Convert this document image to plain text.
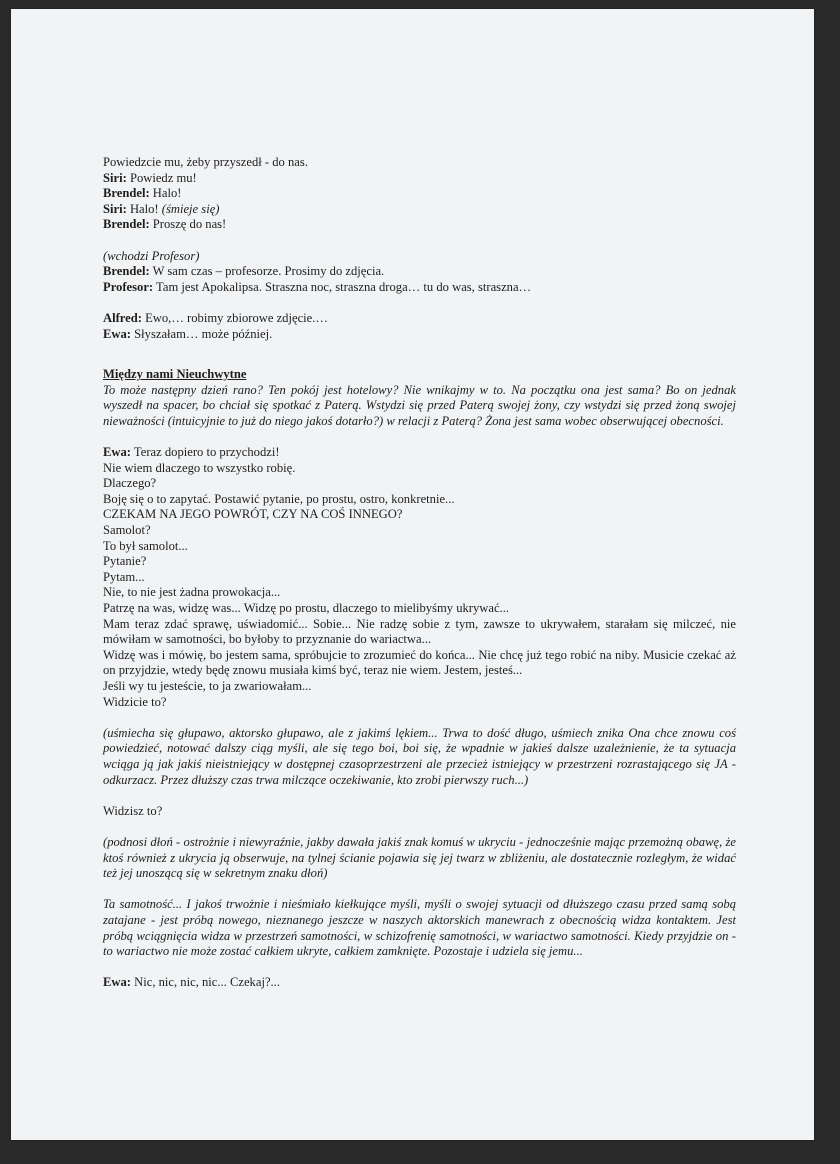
Powiedzcie mu, żeby przyszedł - do nas.
Siri: Powiedz mu!
Brendel: Halo!
Siri: Halo! (śmieje się)
Brendel: Proszę do nas!
(wchodzi Profesor)
Brendel: W sam czas – profesorze. Prosimy do zdjęcia.
Profesor: Tam jest Apokalipsa. Straszna noc, straszna droga… tu do was, straszna…
Alfred: Ewo,… robimy zbiorowe zdjęcie.…
Ewa: Słyszałam… może później.
Między nami Nieuchwytne
To może następny dzień rano? Ten pokój jest hotelowy? Nie wnikajmy w to. Na początku ona jest sama? Bo on jednak wyszedł na spacer, bo chciał się spotkać z Paterą. Wstydzi się przed Paterą swojej żony, czy wstydzi się przed żoną swojej nieważności (intuicyjnie to już do niego jakoś dotarło?) w relacji z Paterą? Żona jest sama wobec obserwującej obecności.
Ewa: Teraz dopiero to przychodzi!
Nie wiem dlaczego to wszystko robię.
Dlaczego?
Boję się o to zapytać. Postawić pytanie, po prostu, ostro, konkretnie...
CZEKAM NA JEGO POWRÓT, CZY NA COŚ INNEGO?
Samolot?
To był samolot...
Pytanie?
Pytam...
Nie, to nie jest żadna prowokacja...
Patrzę na was, widzę was... Widzę po prostu, dlaczego to mielibyśmy ukrywać...
Mam teraz zdać sprawę, uświadomić... Sobie... Nie radzę sobie z tym, zawsze to ukrywałem, starałam się milczeć, nie mówiłam w samotności, bo byłoby to przyznanie do wariactwa...
Widzę was i mówię, bo jestem sama, spróbujcie to zrozumieć do końca... Nie chcę już tego robić na niby. Musicie czekać aż on przyjdzie, wtedy będę znowu musiała kimś być, teraz nie wiem. Jestem, jesteś...
Jeśli wy tu jesteście, to ja zwariowałam...
Widzicie to?
(uśmiecha się głupawo, aktorsko głupawo, ale z jakimś lękiem... Trwa to dość długo, uśmiech znika Ona chce znowu coś powiedzieć, notować dalszy ciąg myśli, ale się tego boi, boi się, że wpadnie w jakieś dalsze uzależnienie, że ta sytuacja wciąga ją jak jakiś nieistniejący w dostępnej czasoprzestrzeni ale przecież istniejący w przestrzeni rozrastającego się JA - odkurzacz. Przez dłuższy czas trwa milczące oczekiwanie, kto zrobi pierwszy ruch...)
Widzisz to?
(podnosi dłoń - ostrożnie i niewyraźnie, jakby dawała jakiś znak komuś w ukryciu - jednocześnie mając przemożną obawę, że ktoś również z ukrycia ją obserwuje, na tylnej ścianie pojawia się jej twarz w zbliżeniu, ale dostatecznie rozległym, że widać też jej unoszącą się w sekretnym znaku dłoń)
Ta samotność... I jakoś trwożnie i nieśmiało kiełkujące myśli, myśli o swojej sytuacji od dłuższego czasu przed samą sobą zatajane - jest próbą nowego, nieznanego jeszcze w naszych aktorskich manewrach z obecnością widza kontaktem. Jest próbą wciągnięcia widza w przestrzeń samotności, w schizofrenię samotności, w wariactwo samotności. Kiedy przyjdzie on - to wariactwo nie może zostać całkiem ukryte, całkiem zamknięte. Pozostaje i udziela się jemu...
Ewa: Nic, nic, nic, nic... Czekaj?...
